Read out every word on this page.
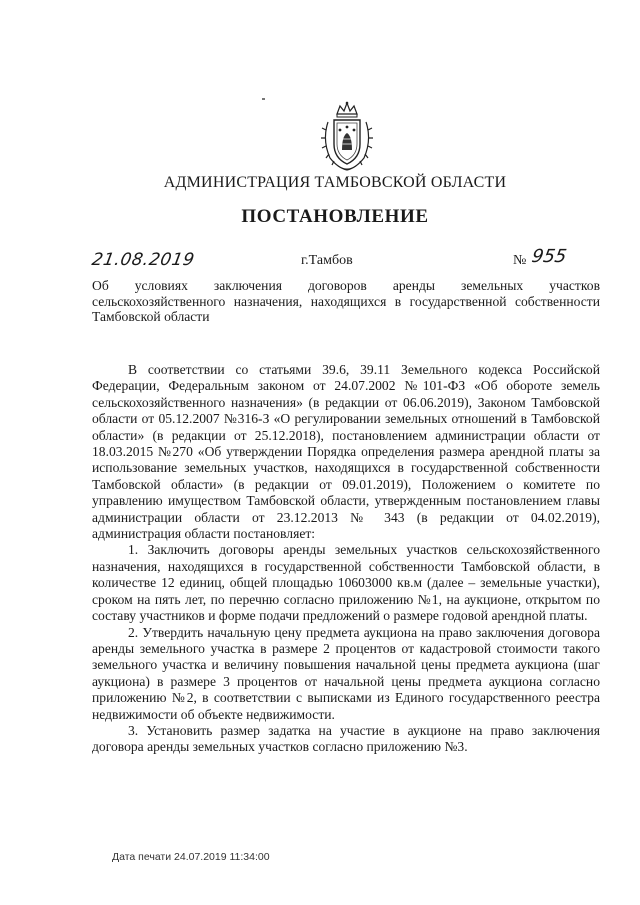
АДМИНИСТРАЦИЯ ТАМБОВСКОЙ ОБЛАСТИ
ПОСТАНОВЛЕНИЕ
21.08.2019	г.Тамбов	№ 955
Об условиях заключения договоров аренды земельных участков сельскохозяйственного назначения, находящихся в государственной собственности Тамбовской области

В соответствии со статьями 39.6, 39.11 Земельного кодекса Российской Федерации, Федеральным законом от 24.07.2002 №101-ФЗ «Об обороте земель сельскохозяйственного назначения» (в редакции от 06.06.2019), Законом Тамбовской области от 05.12.2007 №316-З «О регулировании земельных отношений в Тамбовской области» (в редакции от 25.12.2018), постановлением администрации области от 18.03.2015 №270 «Об утверждении Порядка определения размера арендной платы за использование земельных участков, находящихся в государственной собственности Тамбовской области» (в редакции от 09.01.2019), Положением о комитете по управлению имуществом Тамбовской области, утвержденным постановлением главы администрации области от 23.12.2013 № 343 (в редакции от 04.02.2019), администрация области постановляет:

1. Заключить договоры аренды земельных участков сельскохозяйственного назначения, находящихся в государственной собственности Тамбовской области, в количестве 12 единиц, общей площадью 10603000 кв.м (далее – земельные участки), сроком на пять лет, по перечню согласно приложению №1, на аукционе, открытом по составу участников и форме подачи предложений о размере годовой арендной платы.

2. Утвердить начальную цену предмета аукциона на право заключения договора аренды земельного участка в размере 2 процентов от кадастровой стоимости такого земельного участка и величину повышения начальной цены предмета аукциона (шаг аукциона) в размере 3 процентов от начальной цены предмета аукциона согласно приложению №2, в соответствии с выписками из Единого государственного реестра недвижимости об объекте недвижимости.

3. Установить размер задатка на участие в аукционе на право заключения договора аренды земельных участков согласно приложению №3.

Дата печати 24.07.2019 11:34:00
